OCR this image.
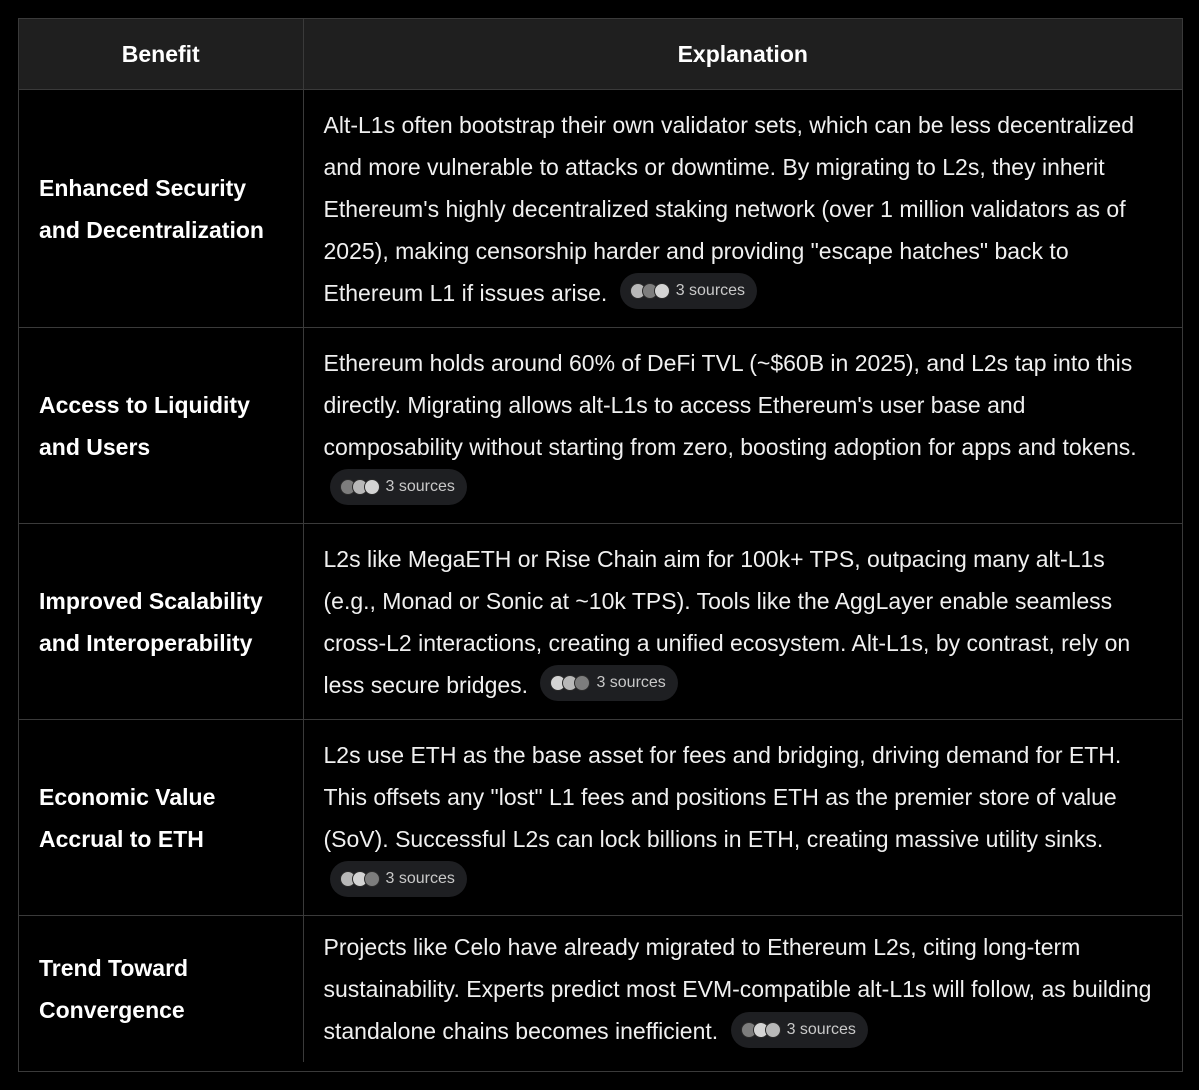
Benefit	Explanation
Enhanced Security and Decentralization	Alt-L1s often bootstrap their own validator sets, which can be less decentralized and more vulnerable to attacks or downtime. By migrating to L2s, they inherit Ethereum's highly decentralized staking network (over 1 million validators as of 2025), making censorship harder and providing "escape hatches" back to Ethereum L1 if issues arise. 3 sources

Access to Liquidity and Users	Ethereum holds around 60% of DeFi TVL (~$60B in 2025), and L2s tap into this directly. Migrating allows alt-L1s to access Ethereum's user base and composability without starting from zero, boosting adoption for apps and tokens.
3 sources

Improved Scalability and Interoperability	L2s like MegaETH or Rise Chain aim for 100k+ TPS, outpacing many alt-L1s (e.g., Monad or Sonic at ~10k TPS). Tools like the AggLayer enable seamless cross-L2 interactions, creating a unified ecosystem. Alt-L1s, by contrast, rely on less secure bridges. 3 sources

Economic Value Accrual to ETH	L2s use ETH as the base asset for fees and bridging, driving demand for ETH. This offsets any "lost" L1 fees and positions ETH as the premier store of value (SoV). Successful L2s can lock billions in ETH, creating massive utility sinks.
3 sources

Trend Toward Convergence	Projects like Celo have already migrated to Ethereum L2s, citing long-term sustainability. Experts predict most EVM-compatible alt-L1s will follow, as building standalone chains becomes inefficient. 3 sources
